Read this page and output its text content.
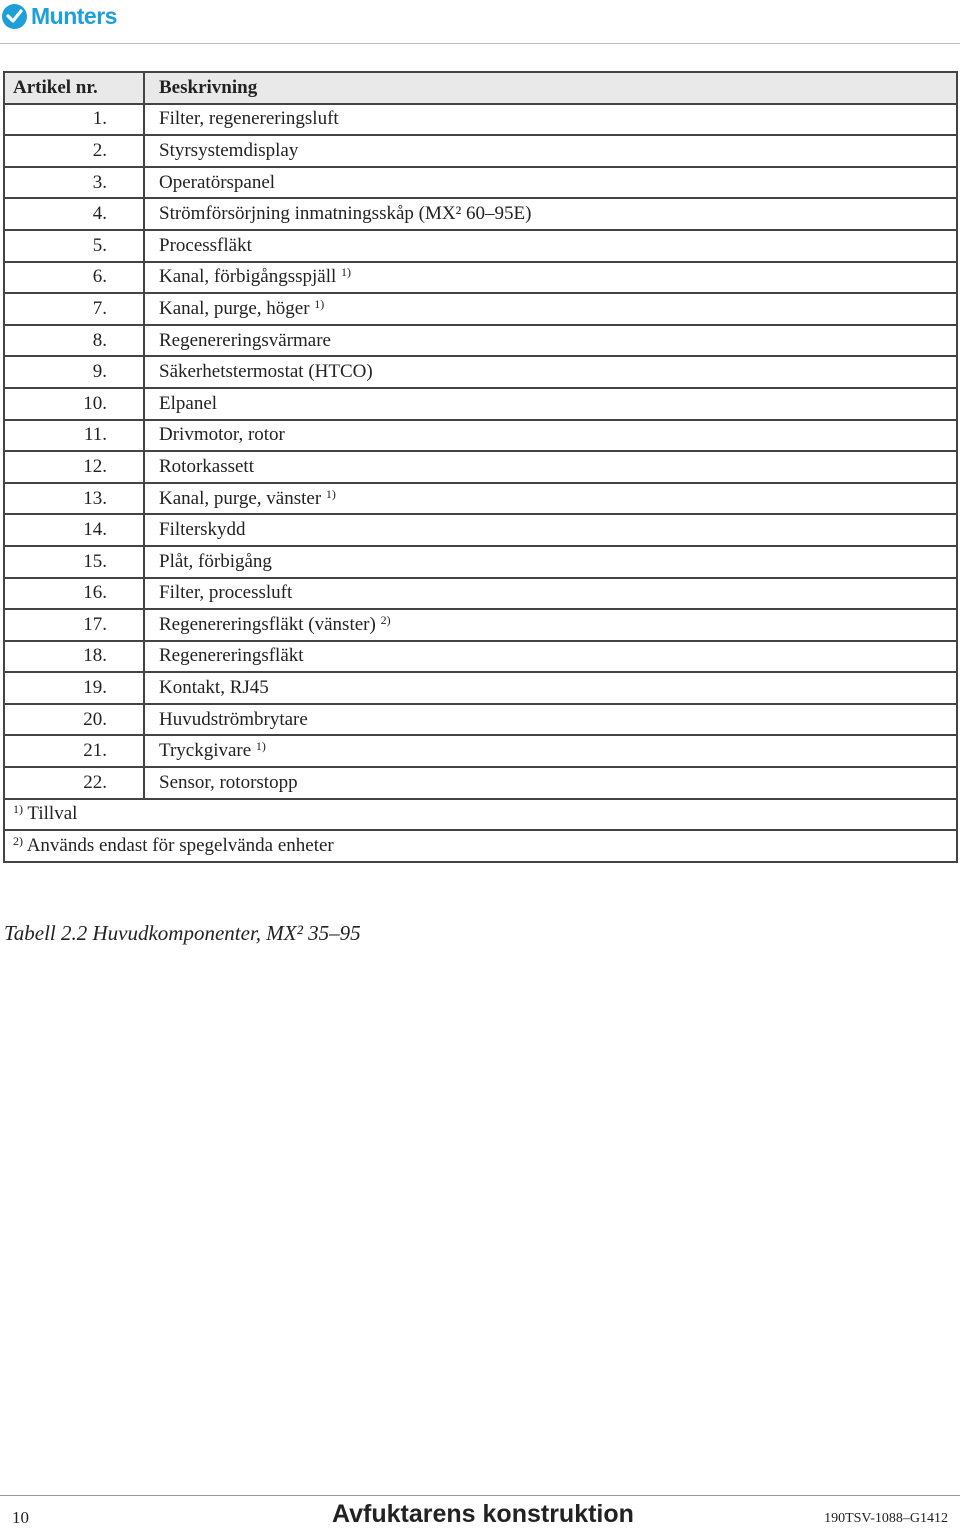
Munters
Artikel nr.	Beskrivning
1.	Filter, regenereringsluft
2.	Styrsystemdisplay
3.	Operatörspanel
4.	Strömförsörjning inmatningsskåp (MX² 60–95E)
5.	Processfläkt
6.	Kanal, förbigångsspjäll $^{1)}$
7.	Kanal, purge, höger $^{1)}$
8.	Regenereringsvärmare
9.	Säkerhetstermostat (HTCO)
10.	Elpanel
11.	Drivmotor, rotor
12.	Rotorkassett
13.	Kanal, purge, vänster $^{1)}$
14.	Filterskydd
15.	Plåt, förbigång
16.	Filter, processluft
17.	Regenereringsfläkt (vänster) $^{2)}$
18.	Regenereringsfläkt
19.	Kontakt, RJ45
20.	Huvudströmbrytare
21.	Tryckgivare $^{1)}$
22.	Sensor, rotorstopp
$^{1)}$ Tillval	
$^{2)}$ Används endast för spegelvända enheter	
Tabell 2.2 Huvudkomponenter, MX² 35–95
10	Avfuktarens konstruktion	190TSV-1088–G1412
